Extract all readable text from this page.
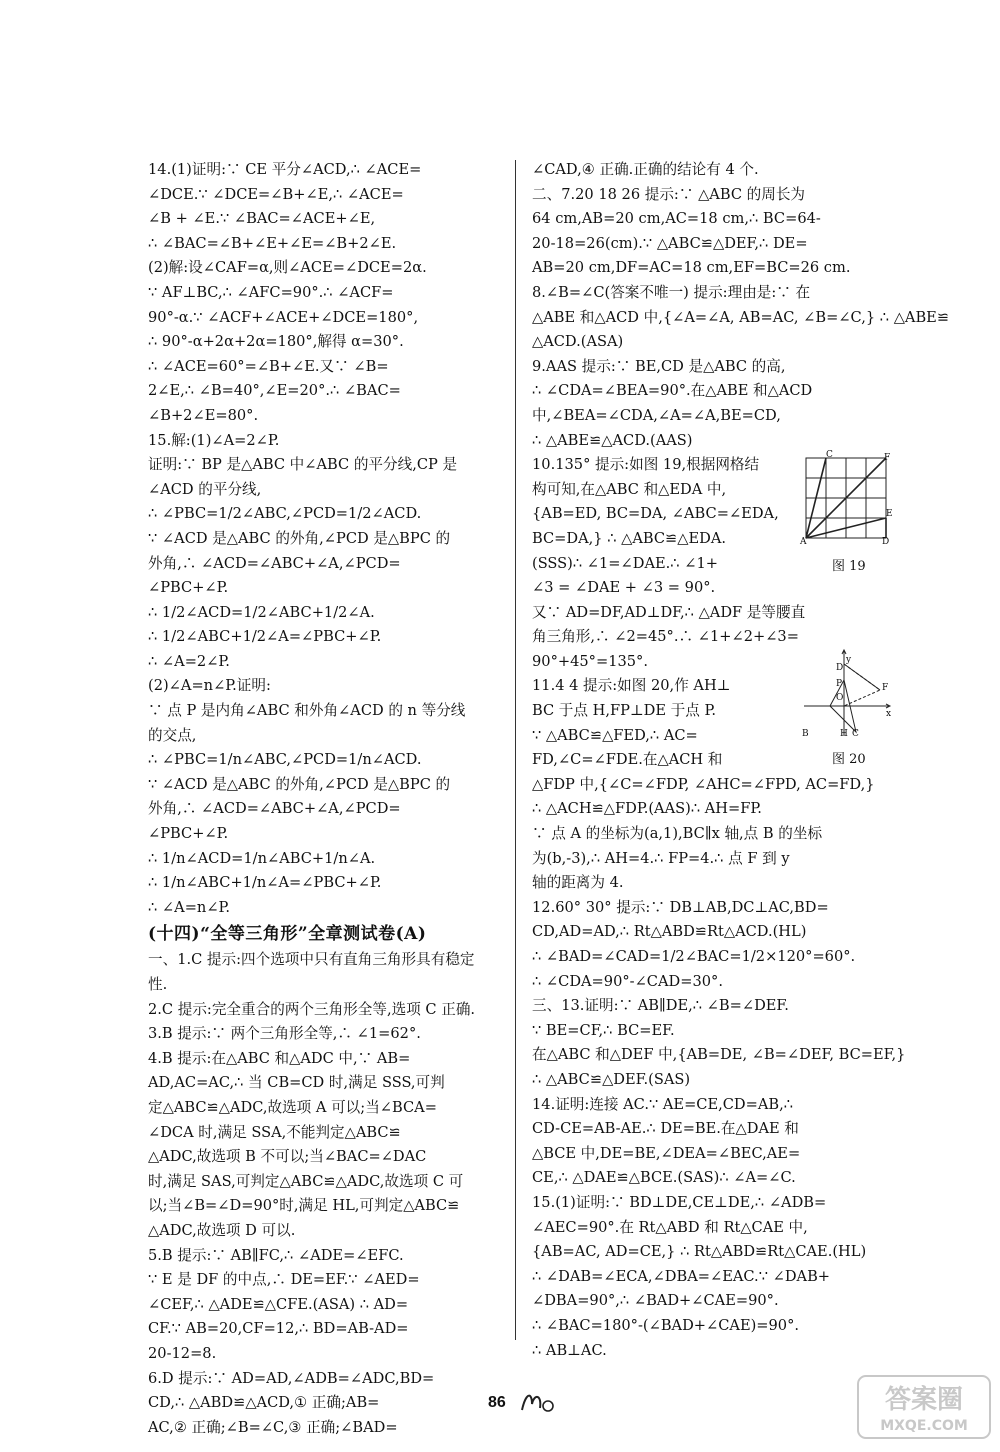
14.(1)证明:∵ CE 平分∠ACD,∴ ∠ACE=
∠DCE.∵ ∠DCE=∠B+∠E,∴ ∠ACE=
∠B + ∠E.∵ ∠BAC=∠ACE+∠E,
∴ ∠BAC=∠B+∠E+∠E=∠B+2∠E.
(2)解:设∠CAF=α,则∠ACE=∠DCE=2α.
∵ AF⊥BC,∴ ∠AFC=90°.∴ ∠ACF=
90°-α.∵ ∠ACF+∠ACE+∠DCE=180°,
∴ 90°-α+2α+2α=180°,解得 α=30°.
∴ ∠ACE=60°=∠B+∠E.又∵ ∠B=
2∠E,∴ ∠B=40°,∠E=20°.∴ ∠BAC=
∠B+2∠E=80°.
15.解:(1)∠A=2∠P.
证明:∵ BP 是△ABC 中∠ABC 的平分线,CP 是
∠ACD 的平分线,
∴ ∠PBC=1/2∠ABC,∠PCD=1/2∠ACD.
∵ ∠ACD 是△ABC 的外角,∠PCD 是△BPC 的
外角,∴ ∠ACD=∠ABC+∠A,∠PCD=
∠PBC+∠P.
∴ 1/2∠ACD=1/2∠ABC+1/2∠A.
∴ 1/2∠ABC+1/2∠A=∠PBC+∠P.
∴ ∠A=2∠P.
(2)∠A=n∠P.证明:
∵ 点 P 是内角∠ABC 和外角∠ACD 的 n 等分线
的交点,
∴ ∠PBC=1/n∠ABC,∠PCD=1/n∠ACD.
∵ ∠ACD 是△ABC 的外角,∠PCD 是△BPC 的
外角,∴ ∠ACD=∠ABC+∠A,∠PCD=
∠PBC+∠P.
∴ 1/n∠ACD=1/n∠ABC+1/n∠A.
∴ 1/n∠ABC+1/n∠A=∠PBC+∠P.
∴ ∠A=n∠P.
(十四)“全等三角形”全章测试卷(A)
一、1.C 提示:四个选项中只有直角三角形具有稳定
性.
2.C 提示:完全重合的两个三角形全等,选项 C 正确.
3.B 提示:∵ 两个三角形全等,∴ ∠1=62°.
4.B 提示:在△ABC 和△ADC 中,∵ AB=
AD,AC=AC,∴ 当 CB=CD 时,满足 SSS,可判
定△ABC≌△ADC,故选项 A 可以;当∠BCA=
∠DCA 时,满足 SSA,不能判定△ABC≌
△ADC,故选项 B 不可以;当∠BAC=∠DAC
时,满足 SAS,可判定△ABC≌△ADC,故选项 C 可
以;当∠B=∠D=90°时,满足 HL,可判定△ABC≌
△ADC,故选项 D 可以.
5.B 提示:∵ AB∥FC,∴ ∠ADE=∠EFC.
∵ E 是 DF 的中点,∴ DE=EF.∵ ∠AED=
∠CEF,∴ △ADE≌△CFE.(ASA) ∴ AD=
CF.∵ AB=20,CF=12,∴ BD=AB-AD=
20-12=8.
6.D 提示:∵ AD=AD,∠ADB=∠ADC,BD=
CD,∴ △ABD≌△ACD,① 正确;AB=
AC,② 正确;∠B=∠C,③ 正确;∠BAD=
∠CAD,④ 正确.正确的结论有 4 个.
二、7.20 18 26 提示:∵ △ABC 的周长为
64 cm,AB=20 cm,AC=18 cm,∴ BC=64-
20-18=26(cm).∵ △ABC≌△DEF,∴ DE=
AB=20 cm,DF=AC=18 cm,EF=BC=26 cm.
8.∠B=∠C(答案不唯一) 提示:理由是:∵ 在
△ABE 和△ACD 中,{∠A=∠A, AB=AC, ∠B=∠C,} ∴ △ABE≌
△ACD.(ASA)
9.AAS 提示:∵ BE,CD 是△ABC 的高,
∴ ∠CDA=∠BEA=90°.在△ABE 和△ACD
中,∠BEA=∠CDA,∠A=∠A,BE=CD,
∴ △ABE≌△ACD.(AAS)
10.135° 提示:如图 19,根据网格结
构可知,在△ABC 和△EDA 中,
{AB=ED, BC=DA, ∠ABC=∠EDA,
BC=DA,} ∴ △ABC≌△EDA.
(SSS)∴ ∠1=∠DAE.∴ ∠1+
∠3 = ∠DAE + ∠3 = 90°.
又∵ AD=DF,AD⊥DF,∴ △ADF 是等腰直
角三角形,∴ ∠2=45°.∴ ∠1+∠2+∠3=
90°+45°=135°.
11.4 4 提示:如图 20,作 AH⊥
BC 于点 H,FP⊥DE 于点 P.
∵ △ABC≌△FED,∴ AC=
FD,∠C=∠FDE.在△ACH 和
△FDP 中,{∠C=∠FDP, ∠AHC=∠FPD, AC=FD,}
∴ △ACH≌△FDP.(AAS)∴ AH=FP.
∵ 点 A 的坐标为(a,1),BC∥x 轴,点 B 的坐标
为(b,-3),∴ AH=4.∴ FP=4.∴ 点 F 到 y
轴的距离为 4.
12.60° 30° 提示:∵ DB⊥AB,DC⊥AC,BD=
CD,AD=AD,∴ Rt△ABD≌Rt△ACD.(HL)
∴ ∠BAD=∠CAD=1/2∠BAC=1/2×120°=60°.
∴ ∠CDA=90°-∠CAD=30°.
三、13.证明:∵ AB∥DE,∴ ∠B=∠DEF.
∵ BE=CF,∴ BC=EF.
在△ABC 和△DEF 中,{AB=DE, ∠B=∠DEF, BC=EF,}
∴ △ABC≌△DEF.(SAS)
14.证明:连接 AC.∵ AE=CE,CD=AB,∴
CD-CE=AB-AE.∴ DE=BE.在△DAE 和
△BCE 中,DE=BE,∠DEA=∠BEC,AE=
CE,∴ △DAE≌△BCE.(SAS)∴ ∠A=∠C.
15.(1)证明:∵ BD⊥DE,CE⊥DE,∴ ∠ADB=
∠AEC=90°.在 Rt△ABD 和 Rt△CAE 中,
{AB=AC, AD=CE,} ∴ Rt△ABD≌Rt△CAE.(HL)
∴ ∠DAB=∠ECA,∠DBA=∠EAC.∵ ∠DAB+
∠DBA=90°,∴ ∠BAD+∠CAE=90°.
∴ ∠BAC=180°-(∠BAD+∠CAE)=90°.
∴ AB⊥AC.
C	F
E
A	D
图 19
y
D
P	F
O
x
B	H C
图 20
86	答案圈
MXQE.COM
